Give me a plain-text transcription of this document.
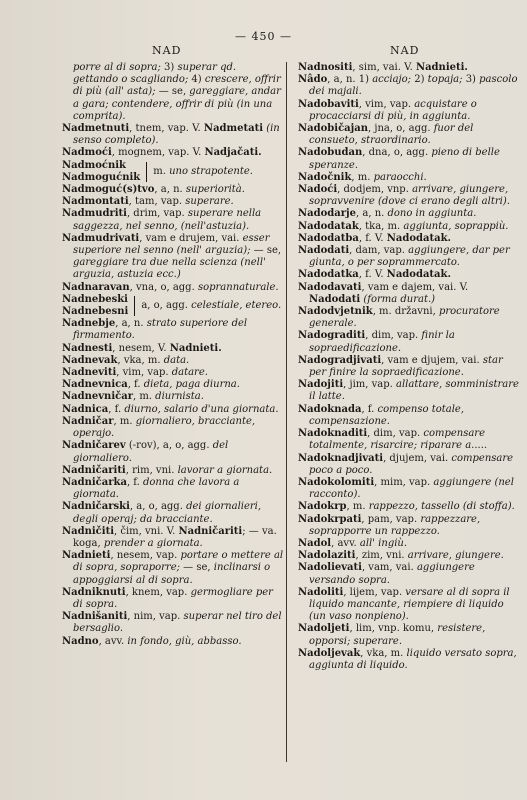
— 450 —
NAD	NAD

porre al di sopra; 3) superar qd. gettando o scagliando; 4) crescere, offrir di più (all' asta); — se, gareggiare, andar a gara; contendere, offrir di più (in una comprita).

Nadmetnuti, tnem, vap. V. Nadmetati (in senso completo).

Nadmoći, mognem, vap. V. Nadjačati.

Nadmoćnik
Nadmogućnik
m. uno strapotente.

Nadmoguć(s)tvo, a, n. superiorità.

Nadmontati, tam, vap. superare.

Nadmudriti, drim, vap. superare nella saggezza, nel senno, (nell'astuzia).

Nadmudrivati, vam e drujem, vai. esser superiore nel senno (nell' arguzia); — se, gareggiare tra due nella scienza (nell' arguzia, astuzia ecc.)

Nadnaravan, vna, o, agg. soprannaturale.

Nadnebeski
Nadnebesni
a, o, agg. celestiale, etereo.

Nadnebje, a, n. strato superiore del firmamento.

Nadnesti, nesem, V. Nadnieti.

Nadnevak, vka, m. data.

Nadneviti, vim, vap. datare.

Nadnevnica, f. dieta, paga diurna.

Nadnevničar, m. diurnista.

Nadnica, f. diurno, salario d'una giornata.

Nadničar, m. giornaliero, bracciante, operajo.

Nadničarev (-rov), a, o, agg. del giornaliero.

Nadničariti, rim, vni. lavorar a giornata.

Nadničarka, f. donna che lavora a giornata.

Nadničarski, a, o, agg. dei giornalieri, degli operaj; da bracciante.

Nadničiti, čim, vni. V. Nadničariti; — va. koga, prender a giornata.

Nadnieti, nesem, vap. portare o mettere al di sopra, sopraporre; — se, inclinarsi o appoggiarsi al di sopra.

Nadniknuti, knem, vap. germogliare per di sopra.

Nadnišaniti, nim, vap. superar nel tiro del bersaglio.

Nadno, avv. in fondo, giù, abbasso.

Nadnositi, sim, vai. V. Nadnieti.

Nâdo, a, n. 1) acciajo; 2) topaja; 3) pascolo dei majali.

Nadobaviti, vim, vap. acquistare o procacciarsi di più, in aggiunta.

Nadobičajan, jna, o, agg. fuor del consueto, straordinario.

Nadobudan, dna, o, agg. pieno di belle speranze.

Nadočnik, m. paraocchi.

Nadoći, dodjem, vnp. arrivare, giungere, sopravvenire (dove ci erano degli altri).

Nadodarje, a, n. dono in aggiunta.

Nadodatak, tka, m. aggiunta, soprappiù.

Nadodatba, f. V. Nadodatak.

Nadodati, dam, vap. aggiungere, dar per giunta, o per soprammercato.

Nadodatka, f. V. Nadodatak.

Nadodavati, vam e dajem, vai. V. Nadodati (forma durat.)

Nadodvjetnik, m. državni, procuratore generale.

Nadograditi, dim, vap. finir la sopraedificazione.

Nadogradjivati, vam e djujem, vai. star per finire la sopraedificazione.

Nadojiti, jim, vap. allattare, somministrare il latte.

Nadoknada, f. compenso totale, compensazione.

Nadoknaditi, dim, vap. compensare totalmente, risarcire; riparare a.....

Nadoknadjivati, djujem, vai. compensare poco a poco.

Nadokolomiti, mim, vap. aggiungere (nel racconto).

Nadokrp, m. rappezzo, tassello (di stoffa).

Nadokrpati, pam, vap. rappezzare, soprapporre un rappezzo.

Nadol, avv. all' ingiù.

Nadolaziti, zim, vni. arrivare, giungere.

Nadolievati, vam, vai. aggiungere versando sopra.

Nadoliti, lijem, vap. versare al di sopra il liquido mancante, riempiere di liquido (un vaso nonpieno).

Nadoljeti, lim, vnp. komu, resistere, opporsi; superare.

Nadoljevak, vka, m. liquido versato sopra, aggiunta di liquido.
